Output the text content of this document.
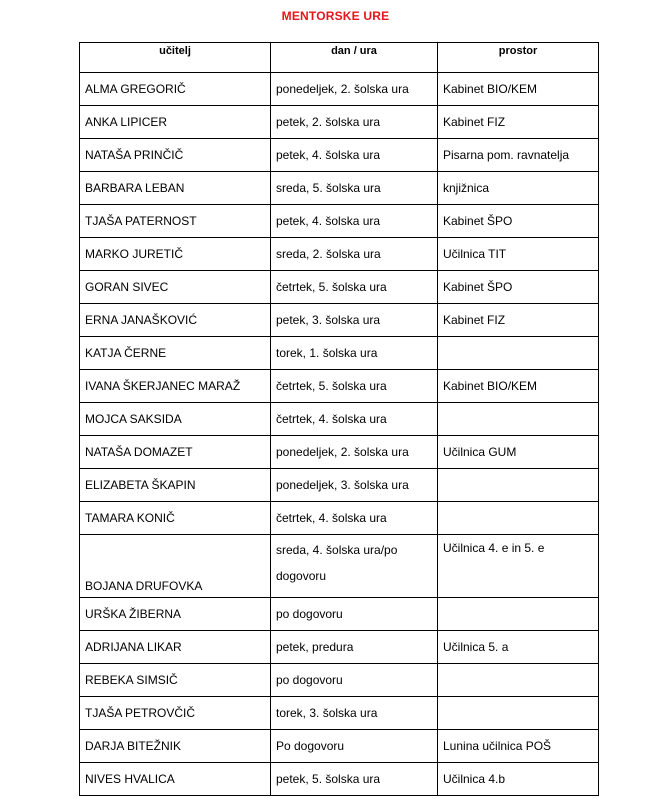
MENTORSKE URE
učitelj	dan / ura	prostor
ALMA GREGORIČ	ponedeljek, 2. šolska ura	Kabinet BIO/KEM
ANKA LIPICER	petek, 2. šolska ura	Kabinet FIZ
NATAŠA PRINČIČ	petek, 4. šolska ura	Pisarna pom. ravnatelja
BARBARA LEBAN	sreda, 5. šolska ura	knjižnica
TJAŠA PATERNOST	petek, 4. šolska ura	Kabinet ŠPO
MARKO JURETIČ	sreda, 2. šolska ura	Učilnica TIT
GORAN SIVEC	četrtek, 5. šolska ura	Kabinet ŠPO
ERNA JANAŠKOVIĆ	petek, 3. šolska ura	Kabinet FIZ
KATJA ČERNE	torek, 1. šolska ura	
IVANA ŠKERJANEC MARAŽ	četrtek, 5. šolska ura	Kabinet BIO/KEM
MOJCA SAKSIDA	četrtek, 4. šolska ura	
NATAŠA DOMAZET	ponedeljek, 2. šolska ura	Učilnica GUM
ELIZABETA ŠKAPIN	ponedeljek, 3. šolska ura	
TAMARA KONIČ	četrtek, 4. šolska ura	
BOJANA DRUFOVKA	sreda, 4. šolska ura/po dogovoru	Učilnica 4. e in 5. e
URŠKA ŽIBERNA	po dogovoru	
ADRIJANA LIKAR	petek, predura	Učilnica 5. a
REBEKA SIMSIČ	po dogovoru	
TJAŠA PETROVČIČ	torek, 3. šolska ura	
DARJA BITEŽNIK	Po dogovoru	Lunina učilnica POŠ
NIVES HVALICA	petek, 5. šolska ura	Učilnica 4.b
